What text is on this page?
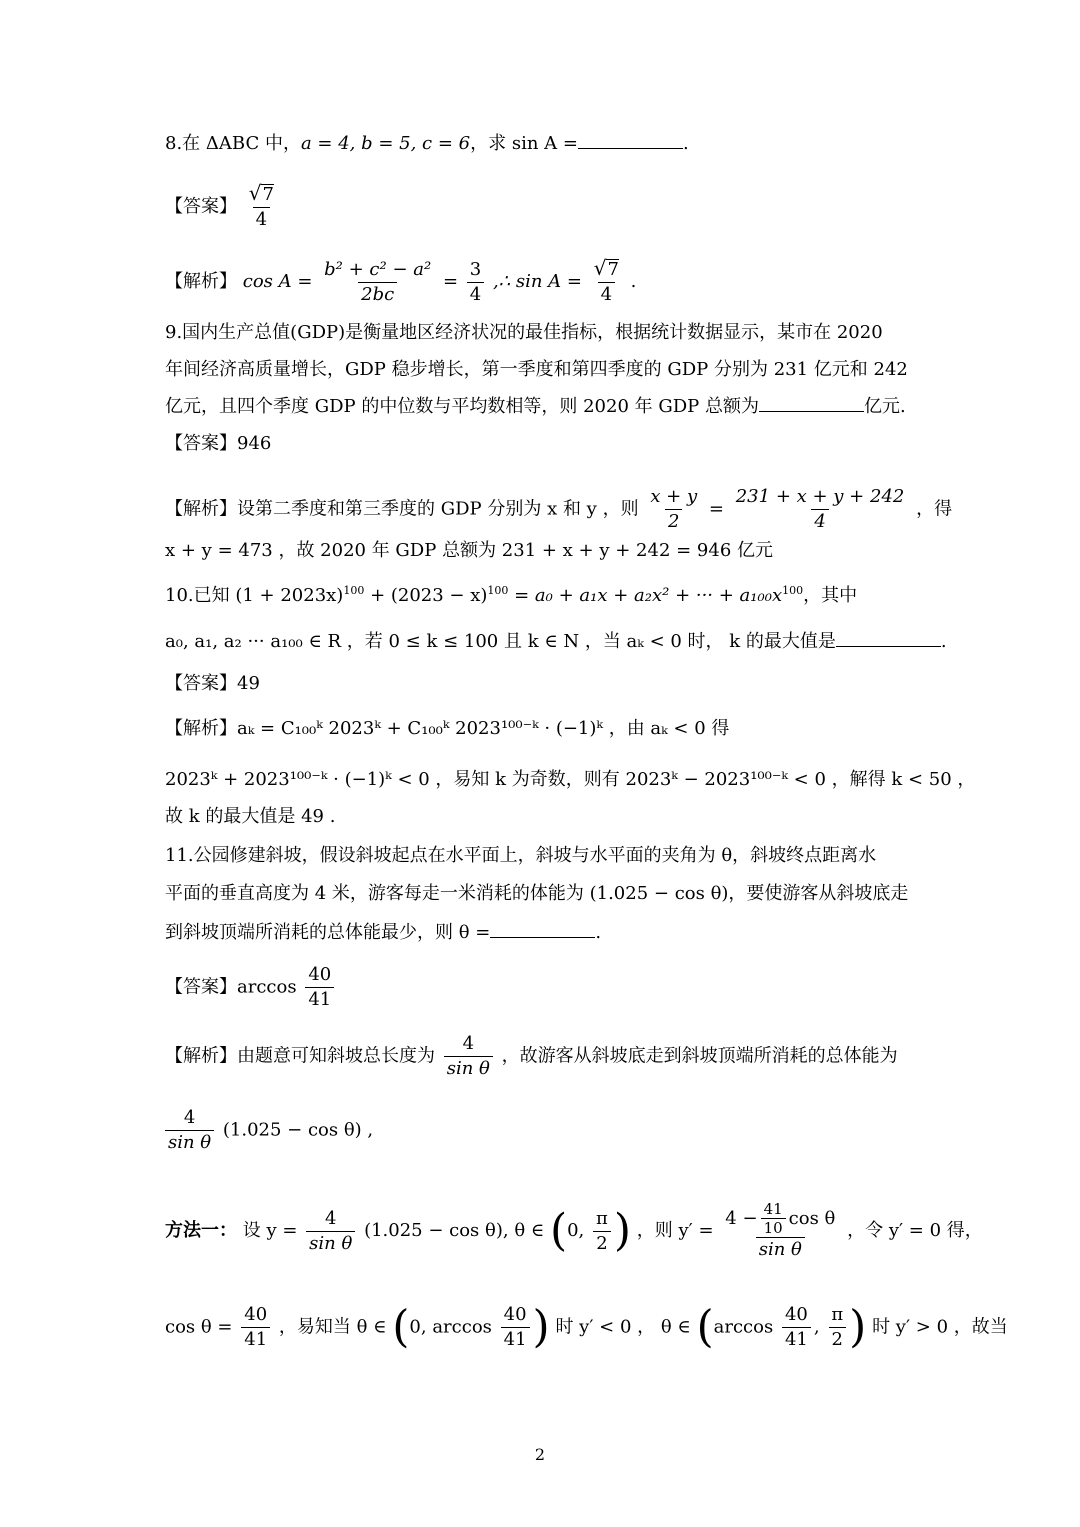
8.在 ΔABC 中，a = 4, b = 5, c = 6，求 sin A =	.
【答案】 $\frac{√ 7}{4}$
【解析】 $\cos A = \frac{\text{b² + c² − a²}}{2bc} = \frac{3}{4}$ ,∴ $\sin A = \frac{√ 7}{4}$ .
9.国内生产总值(GDP)是衡量地区经济状况的最佳指标，根据统计数据显示，某市在 2020
年间经济高质量增长，GDP 稳步增长，第一季度和第四季度的 GDP 分别为 231 亿元和 242
亿元，且四个季度 GDP 的中位数与平均数相等，则 2020 年 GDP 总额为	亿元.
【答案】946
【解析】设第二季度和第三季度的 GDP 分别为 x 和 y ，则 $\frac{x + y}{2} = \frac{231 + x + y + 242}{4}$ ，得
x + y = 473 ，故 2020 年 GDP 总额为 231 + x + y + 242 = 946 亿元
10.已知 $(1 + 2023x)^{100} + (2023 - x)^{100} = a_0 + a_1x + a_2x^2$ + ··· + $a_{100}x^{100}$，其中
a₀, a₁, a₂ ··· a₁₀₀ ∈ R ，若 0 ≤ k ≤ 100 且 k ∈ N ，当 aₖ < 0 时， k 的最大值是	.
【答案】49
【解析】aₖ = C₁₀₀ᵏ 2023ᵏ + C₁₀₀ᵏ 2023¹⁰⁰⁻ᵏ · (−1)ᵏ ，由 aₖ < 0 得
2023ᵏ + 2023¹⁰⁰⁻ᵏ · (−1)ᵏ < 0 ，易知 k 为奇数，则有 2023ᵏ − 2023¹⁰⁰⁻ᵏ < 0 ，解得 k < 50 ，
故 k 的最大值是 49 .
11.公园修建斜坡，假设斜坡起点在水平面上，斜坡与水平面的夹角为 θ，斜坡终点距离水
平面的垂直高度为 4 米，游客每走一米消耗的体能为 (1.025 − cos θ)，要使游客从斜坡底走
到斜坡顶端所消耗的总体能最少，则 θ =	.
【答案】$\arccos \frac{40}{41}$
【解析】由题意可知斜坡总长度为 $\frac{4}{\text{sin θ}}$ ，故游客从斜坡底走到斜坡顶端所消耗的总体能为
$\frac{4}{\text{sin θ}} (1.025 - \cos \theta)$ ,
方法一： 设 $y = \frac{4}{\text{sin θ}} (1.025 - \cos \theta)$, θ ∈ (0, $\frac{\pi}{2}$ ) ，则 y′ =
$4 - \frac{41}{10}$ cos θ
sin θ
，令 y′ = 0 得，
$\cos \theta = \frac{40}{41}$ ，易知当 θ ∈ (0, $\arccos \frac{40}{41}$ ) 时 y′ < 0 ， θ ∈ ($\arccos \frac{40}{41}$ , $\frac{\pi}{2}$ ) 时 y′ > 0 ，故当
2
